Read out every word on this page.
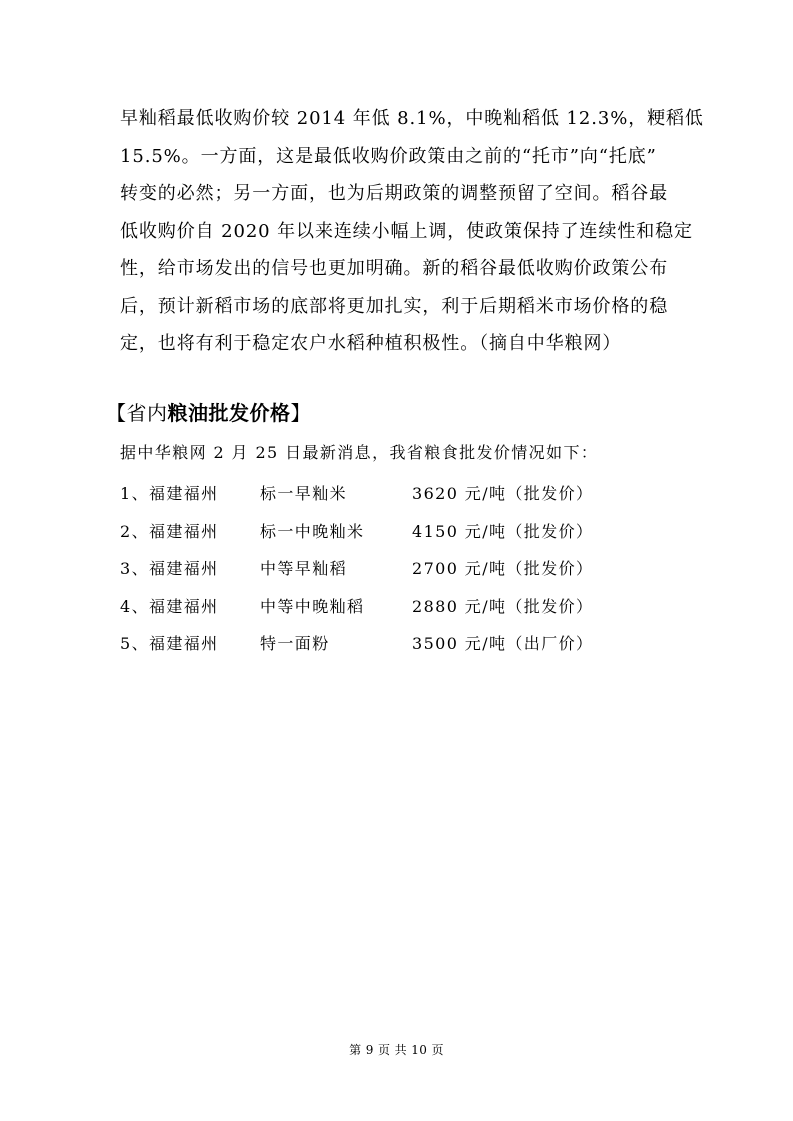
早籼稻最低收购价较 2014 年低 8.1%，中晚籼稻低 12.3%，粳稻低
15.5%。一方面，这是最低收购价政策由之前的“托市”向“托底”
转变的必然；另一方面，也为后期政策的调整预留了空间。稻谷最
低收购价自 2020 年以来连续小幅上调，使政策保持了连续性和稳定
性，给市场发出的信号也更加明确。新的稻谷最低收购价政策公布
后，预计新稻市场的底部将更加扎实，利于后期稻米市场价格的稳
定，也将有利于稳定农户水稻种植积极性。（摘自中华粮网）

【省内粮油批发价格】

据中华粮网 2 月 25 日最新消息，我省粮食批发价情况如下：

1、福建福州	标一早籼米	3620 元/吨（批发价）
2、福建福州	标一中晚籼米	4150 元/吨（批发价）
3、福建福州	中等早籼稻	2700 元/吨（批发价）
4、福建福州	中等中晚籼稻	2880 元/吨（批发价）
5、福建福州	特一面粉	3500 元/吨（出厂价）
第 9 页 共 10 页
